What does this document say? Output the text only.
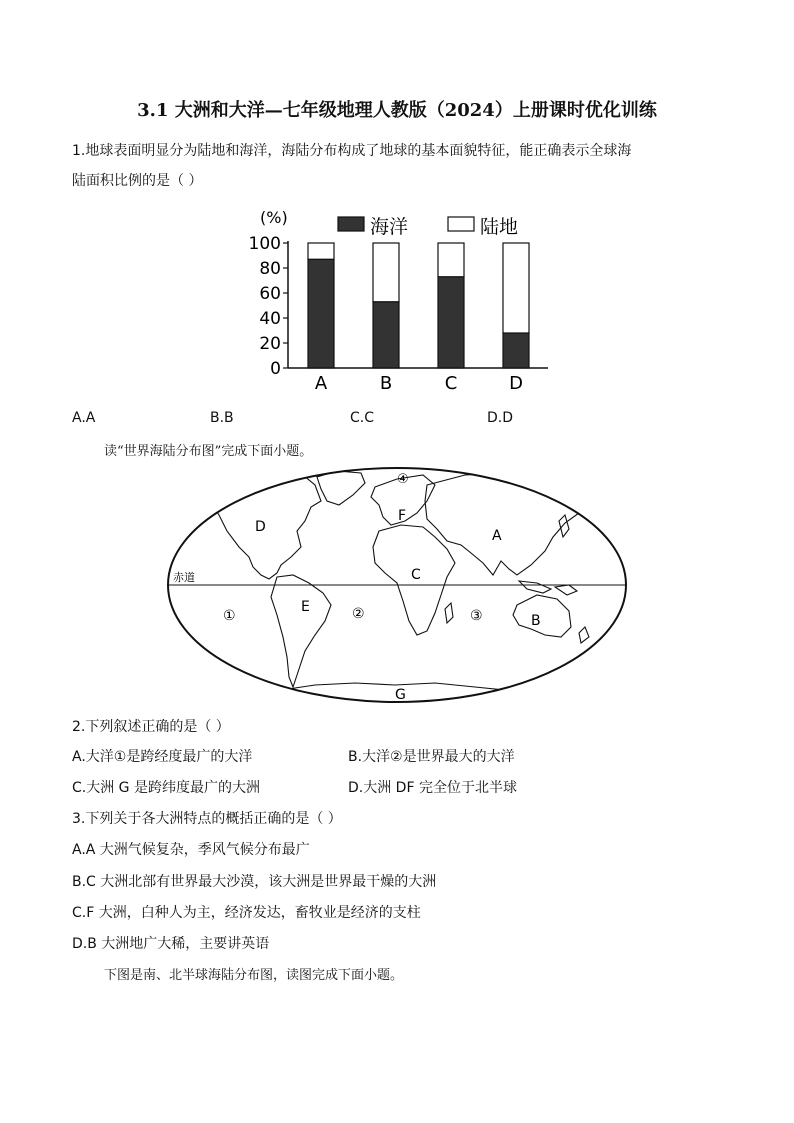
3.1 大洲和大洋—七年级地理人教版（2024）上册课时优化训练
1.地球表面明显分为陆地和海洋，海陆分布构成了地球的基本面貌特征，能正确表示全球海
陆面积比例的是（ ）
(%)	海洋	陆地
100
80
60
40
20
0
A	B	C	D
A.A	B.B	C.C	D.D
读“世界海陆分布图”完成下面小题。
赤道
D
F
A
C
E
B
G
①	②	③
④
2.下列叙述正确的是（ ）
A.大洋①是跨经度最广的大洋	B.大洋②是世界最大的大洋
C.大洲 G 是跨纬度最广的大洲	D.大洲 DF 完全位于北半球
3.下列关于各大洲特点的概括正确的是（ ）
A.A 大洲气候复杂，季风气候分布最广
B.C 大洲北部有世界最大沙漠，该大洲是世界最干燥的大洲
C.F 大洲，白种人为主，经济发达，畜牧业是经济的支柱
D.B 大洲地广大稀，主要讲英语
下图是南、北半球海陆分布图，读图完成下面小题。
